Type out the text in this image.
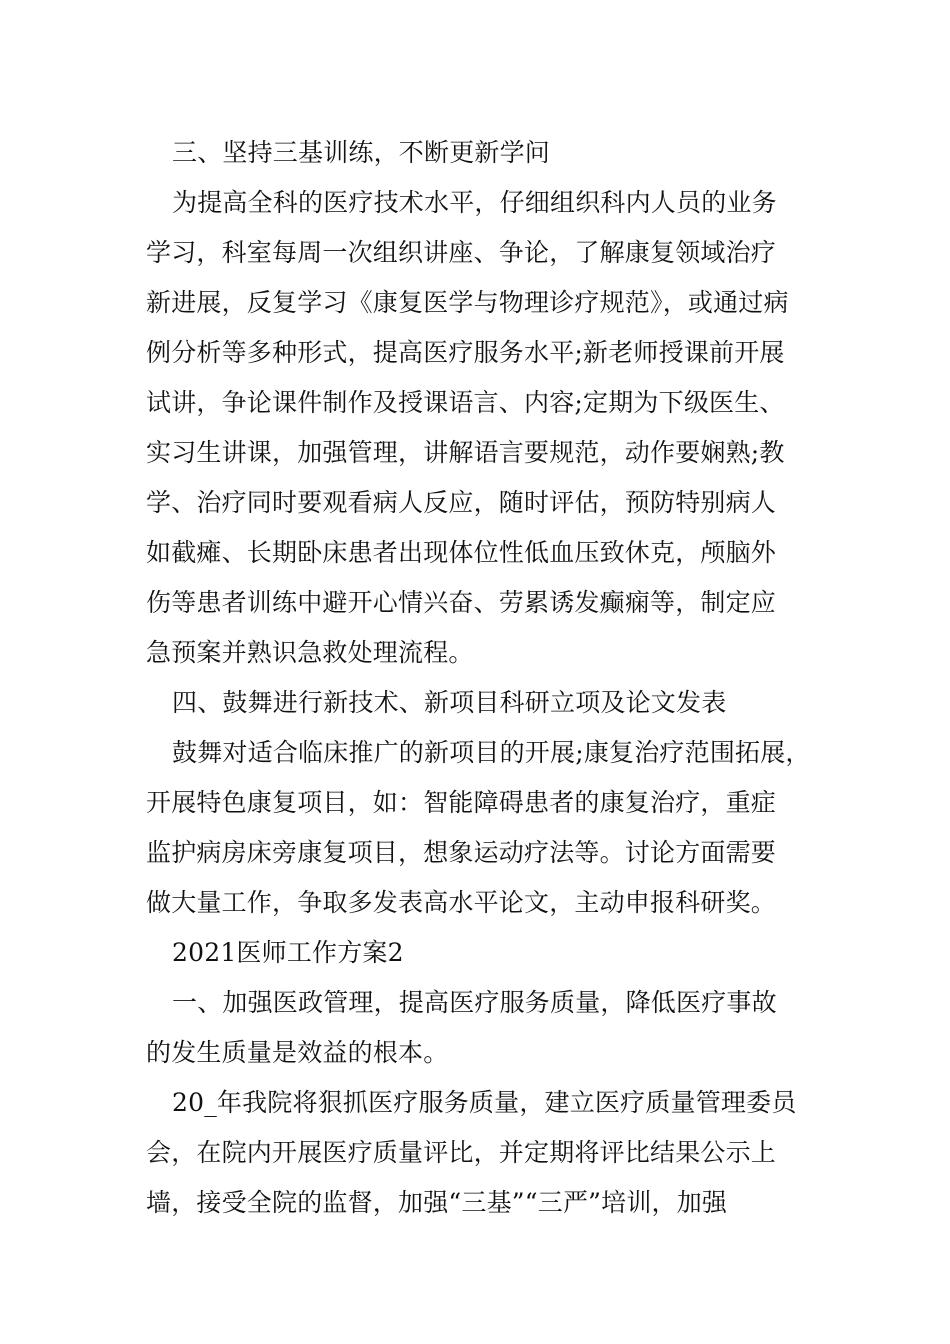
三、坚持三基训练，不断更新学问
为提高全科的医疗技术水平，仔细组织科内人员的业务
学习，科室每周一次组织讲座、争论，了解康复领域治疗
新进展，反复学习《康复医学与物理诊疗规范》，或通过病
例分析等多种形式，提高医疗服务水平;新老师授课前开展
试讲，争论课件制作及授课语言、内容;定期为下级医生、
实习生讲课，加强管理，讲解语言要规范，动作要娴熟;教
学、治疗同时要观看病人反应，随时评估，预防特别病人
如截瘫、长期卧床患者出现体位性低血压致休克，颅脑外
伤等患者训练中避开心情兴奋、劳累诱发癫痫等，制定应
急预案并熟识急救处理流程。
四、鼓舞进行新技术、新项目科研立项及论文发表
鼓舞对适合临床推广的新项目的开展;康复治疗范围拓展，
开展特色康复项目，如：智能障碍患者的康复治疗，重症
监护病房床旁康复项目，想象运动疗法等。讨论方面需要
做大量工作，争取多发表高水平论文，主动申报科研奖。
2021医师工作方案2
一、加强医政管理，提高医疗服务质量，降低医疗事故
的发生质量是效益的根本。
20_年我院将狠抓医疗服务质量，建立医疗质量管理委员
会，在院内开展医疗质量评比，并定期将评比结果公示上
墙，接受全院的监督，加强“三基”“三严”培训，加强
